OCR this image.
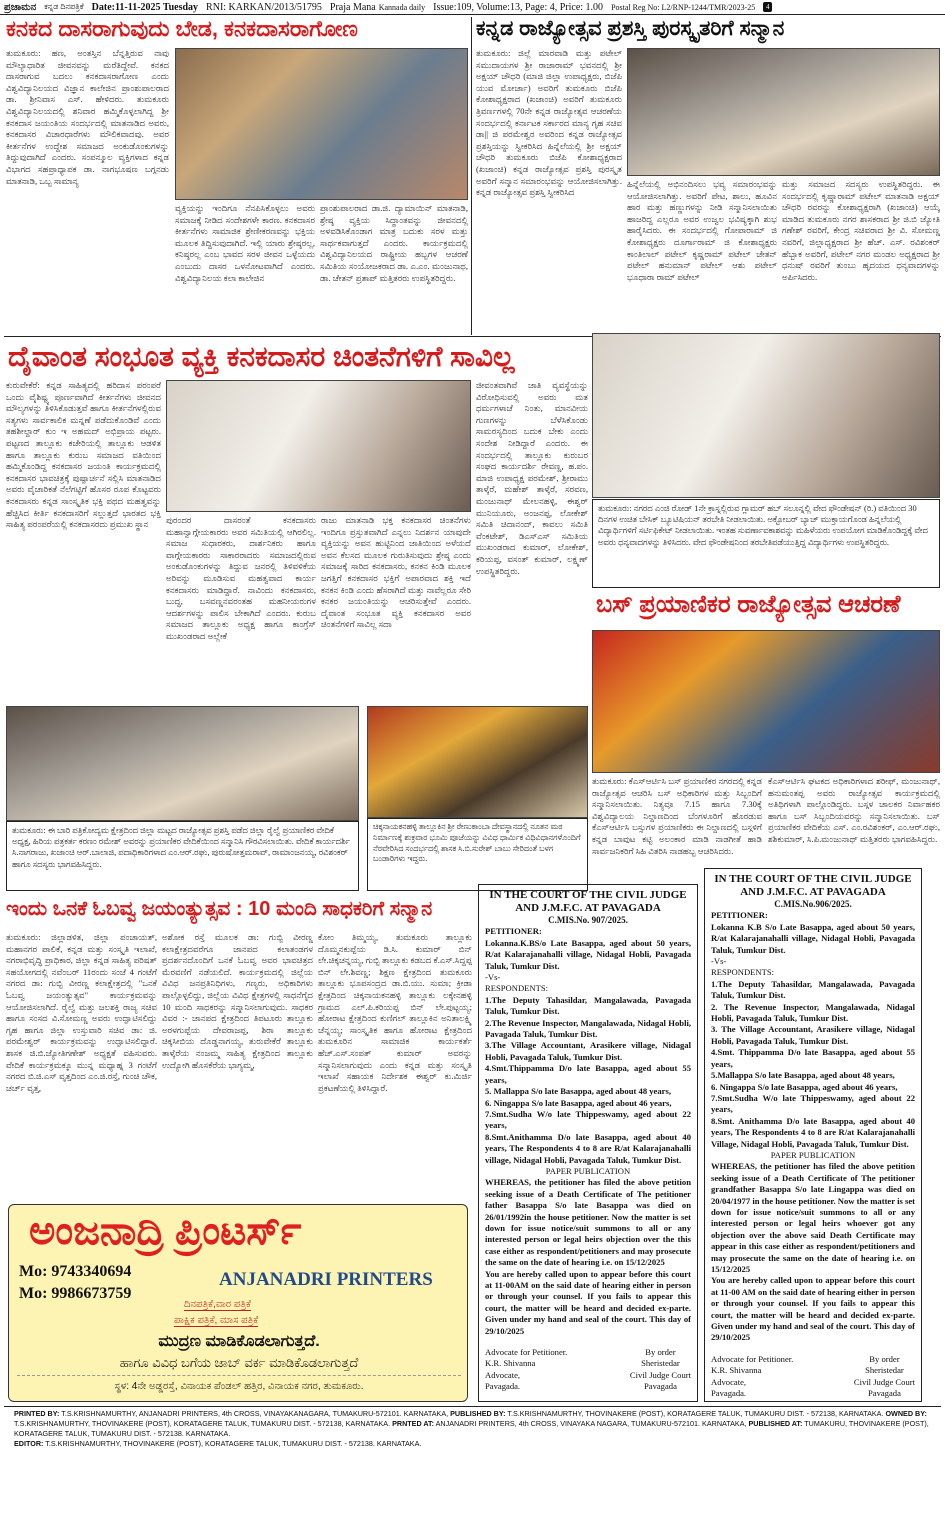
ಪ್ರಜಾಮನ ಕನ್ನಡ ದಿನಪತ್ರಿಕೆ Date:11-11-2025 Tuesday RNI: KARKAN/2013/51795 Praja Mana Kannada daily Issue:109, Volume:13, Page: 4, Price: 1.00 Postal Reg No: L2/RNP-1244/TMR/2023-25	4
ಕನಕದ ದಾಸರಾಗುವುದು ಬೇಡ, ಕನಕದಾಸರಾಗೋಣ
ತುಮಕೂರು: ಹಣ, ಅಂತಸ್ತಿನ ಬೆನ್ನತ್ತಿರುವ ನಾವು ಮೌಲ್ಯಾಧಾರಿತ ಜೀವನವನ್ನು ಮರೆತಿದ್ದೇವೆ. ಕನಕದ ದಾಸರಾಗುವ ಬದಲು ಕನಕದಾಸರಾಗೋಣ ಎಂದು ವಿಶ್ವವಿದ್ಯಾನಿಲಯದ ವಿಜ್ಞಾನ ಕಾಲೇಜಿನ ಪ್ರಾಂಶುಪಾಲರಾದ ಡಾ. ಶ್ರೀನಿವಾಸ ಎಸ್. ಹೇಳಿದರು. ತುಮಕೂರು ವಿಶ್ವವಿದ್ಯಾನಿಲಯದಲ್ಲಿ ಶನಿವಾರ ಹಮ್ಮಿಕೊಳ್ಳಲಾಗಿದ್ದ ಶ್ರೀ ಕನಕದಾಸ ಜಯಂತಿಯ ಸಂದರ್ಭದಲ್ಲಿ ಮಾತನಾಡಿದ ಅವರು, ಕನಕದಾಸರ ವಿಚಾರಧಾರೆಗಳು ಮೌಲಿಕವಾದವು. ಅವರ ಕೀರ್ತನೆಗಳ ಉದ್ದೇಶ ಸಮಾಜದ ಅಂಕುಡೊಂಕುಗಳನ್ನು ತಿದ್ದುವುದಾಗಿದೆ ಎಂದರು. ಸಂಪನ್ಮೂಲ ವ್ಯಕ್ತಿಗಳಾದ ಕನ್ನಡ ವಿಭಾಗದ ಸಹಪ್ರಾಧ್ಯಾಪಕ ಡಾ. ನಾಗಭೂಷಣ ಬಗ್ಗನಡು ಮಾತನಾಡಿ, ಒಬ್ಬ ಸಾಮಾನ್ಯ
ವ್ಯಕ್ತಿಯನ್ನು ಇಂದಿಗೂ ನೆನಪಿಸಿಕೊಳ್ಳಲು ಅವರು ಸಮಾಜಕ್ಕೆ ನೀಡಿದ ಸಂದೇಶಗಳೇ ಕಾರಣ. ಕನಕದಾಸರ ಕೀರ್ತನೆಗಳು ಸಾಮಾಜಿಕ ಶ್ರೇಣೀಕರಣವನ್ನು ಭಕ್ತಿಯ ಮೂಲಕ ತಿದ್ದಿಸುವುದಾಗಿದೆ. ಇಲ್ಲಿ ಯಾರು ಶ್ರೇಷ್ಠರಲ್ಲ, ಕನಿಷ್ಠರಲ್ಲ ಎಂಬ ಭಾವದ ಸರಳ ಜೀವನ ಒಳ್ಳೆಯದು ಎಂಬುದು ದಾಸರ ಒಳನೋಟವಾಗಿದೆ ಎಂದರು. ವಿಶ್ವವಿದ್ಯಾನಿಲಯ ಕಲಾ ಕಾಲೇಜಿನ
ಪ್ರಾಂಶುಪಾಲರಾದ ಡಾ.ಜಿ. ದ್ಯಾಮಾಯಿನ್ ಮಾತನಾಡಿ, ಶ್ರೇಷ್ಠ ವ್ಯಕ್ತಿಯ ಸಿದ್ಧಾಂತವನ್ನು ಜೀವನದಲ್ಲಿ ಅಳವಡಿಸಿಕೊಂಡಾಗ ಮಾತ್ರ ಬದುಕು ಸರಳ ಮತ್ತು ಸಾರ್ಥಕವಾಗುತ್ತದೆ ಎಂದರು. ಕಾರ್ಯಕ್ರಮದಲ್ಲಿ ವಿಶ್ವವಿದ್ಯಾನಿಲಯದ ರಾಷ್ಟ್ರೀಯ ಹಬ್ಬಗಳ ಆಚರಣೆ ಸಮಿತಿಯ ಸಂಯೋಜಕರಾದ ಡಾ. ಎ.ಎಂ. ಮಂಜುನಾಥ, ಡಾ. ಚೇತನ್ ಪ್ರತಾಪ್ ಮತ್ತಿತರರು ಉಪಸ್ಥಿತರಿದ್ದರು.
ಕನ್ನಡ ರಾಜ್ಯೋತ್ಸವ ಪ್ರಶಸ್ತಿ ಪುರಸ್ಕೃತರಿಗೆ ಸನ್ಮಾನ
ತುಮಕೂರು: ಜಿಲ್ಲೆ ಮಾರವಾಡಿ ಮತ್ತು ಪಟೇಲ್ ಸಮುದಾಯಗಳ ಶ್ರೀ ರಾಜಾರಾಮ್ ಭವನದಲ್ಲಿ ಶ್ರೀ ಅಕ್ಷಯ್ ಚೌಧರಿ (ಮಾಜಿ ಜಿಲ್ಲಾ ಉಪಾಧ್ಯಕ್ಷರು, ಬಿಜೆಪಿ ಯುವ ಮೋರ್ಚಾ) ಅವರಿಗೆ ತುಮಕೂರು ಬಿಜೆಪಿ ಕೋಶಾಧ್ಯಕ್ಷರಾದ (ಖಜಾಂಚಿ) ಅವರಿಗೆ ತುಮಕೂರು ತ್ರಿವರ್ಣಗಳಲ್ಲಿ 70ನೇ ಕನ್ನಡ ರಾಜ್ಯೋತ್ಸವ ಆಚರಣೆಯ ಸಂದರ್ಭದಲ್ಲಿ ಕರ್ನಾಟಕ ಸರ್ಕಾರದ ಮಾನ್ಯ ಗೃಹ ಸಚಿವ ಡಾ|| ಜಿ ಪರಮೇಶ್ವರ ಅವರಿಂದ ಕನ್ನಡ ರಾಜ್ಯೋತ್ಸವ ಪ್ರಶಸ್ತಿಯನ್ನು ಸ್ವೀಕರಿಸಿದ ಹಿನ್ನೆಲೆಯಲ್ಲಿ ಶ್ರೀ ಅಕ್ಷಯ್ ಚೌಧರಿ ತುಮಕೂರು ಬಿಜೆಪಿ ಕೋಶಾಧ್ಯಕ್ಷರಾದ (ಖಜಾಂಚಿ) ಕನ್ನಡ ರಾಜ್ಯೋತ್ಸವ ಪ್ರಶಸ್ತಿ ಪುರಸ್ಕೃತ ಅವರಿಗೆ ಸನ್ಮಾನ ಸಮಾರಂಭವನ್ನು ಆಯೋಜಿಸಲಾಗಿತ್ತು. ಕನ್ನಡ ರಾಜ್ಯೋತ್ಸವ ಪ್ರಶಸ್ತಿ ಸ್ವೀಕರಿಸಿದ
ಹಿನ್ನೆಲೆಯಲ್ಲಿ ಅಭಿನಂದಿಸಲು ಭವ್ಯ ಸಮಾರಂಭವನ್ನು ಆಯೋಜಿಸಲಾಗಿತ್ತು. ಅವರಿಗೆ ಪೇಟ, ಶಾಲು, ಹೂವಿನ ಹಾರ ಮತ್ತು ಹಣ್ಣುಗಳನ್ನು ನೀಡಿ ಸನ್ಮಾನಿಸಲಾಯಿತು ಹಾಜರಿದ್ದ ಎಲ್ಲರೂ ಅವರ ಉಜ್ವಲ ಭವಿಷ್ಯಕ್ಕಾಗಿ ಶುಭ ಹಾರೈಸಿದರು. ಈ ಸಂದರ್ಭದಲ್ಲಿ ಗೋಪಾರಾಮ್ ಜಿ ಕೋಶಾಧ್ಯಕ್ಷರು ದೂರ್ಗಾರಾಮ್ ಜಿ ಕೋಶಾಧ್ಯಕ್ಷರು ಕಾಂತಿಲಾಲ್ ಪಟೇಲ್ ಕೃಷ್ಣರಾಮ್ ಪಟೇಲ್ ಚೇತನ್ ಪಟೇಲ್ ಹನುಮಾನ್ ಪಟೇಲ್ ಆಶು ಪಟೇಲ್ ಭೂಧಾರಾ ರಾಮ್ ಪಟೇಲ್
ಮತ್ತು ಸಮಾಜದ ಸದಸ್ಯರು ಉಪಸ್ಥಿತರಿದ್ದರು. ಈ ಸಂದರ್ಭದಲ್ಲಿ ಕೃಷ್ಣಾರಾಮ್ ಪಟೇಲ್ ಮಾತನಾಡಿ ಅಕ್ಷಯ್ ಚೌಧರಿ ರವರನ್ನು ಕೋಶಾಧ್ಯಕ್ಷರಾಗಿ (ಖಜಾಂಚಿ) ಆಯ್ಕೆ ಮಾಡಿದ ತುಮಕೂರು ನಗರ ಶಾಸಕರಾದ ಶ್ರೀ ಜಿ.ಬಿ ಜ್ಯೋತಿ ಗಣೇಶ್ ರವರಿಗೆ, ಕೇಂದ್ರ ಸಚಿವರಾದ ಶ್ರೀ ವಿ. ಸೋಮಣ್ಣ ನವರಿಗೆ, ಜಿಲ್ಲಾಧ್ಯಕ್ಷರಾದ ಶ್ರೀ ಹೆಚ್. ಎಸ್. ರವಿಶಂಕರ್ ಹೆಬ್ಬಾಕ ಅವರಿಗೆ, ಪಟೇಲ್ ನಗರ ಮಂಡಲ ಅಧ್ಯಕ್ಷರಾದ ಶ್ರೀ ಧನುಷ್ ರವರಿಗೆ ತುಂಬು ಹೃದಯದ ಧನ್ಯವಾದಗಳನ್ನು ಅರ್ಪಿಸಿದರು.
ದೈವಾಂತ ಸಂಭೂತ ವ್ಯಕ್ತಿ ಕನಕದಾಸರ ಚಿಂತನೆಗಳಿಗೆ ಸಾವಿಲ್ಲ
ಕುರುವೇಕೆರೆ: ಕನ್ನಡ ಸಾಹಿತ್ಯದಲ್ಲಿ ಹರಿದಾಸ ಪರಂಪರೆ ಒಂದು ವೈಶಿಷ್ಟ್ಯ ಪೂರ್ಣವಾಗಿದೆ ಕೀರ್ತನೆಗಳು ಜೀವನದ ಮೌಲ್ಯಗಳನ್ನು ತಿಳಿಸಿಕೊಡುತ್ತವೆ ಹಾಗೂ ಕೀರ್ತನೆಗಳಲ್ಲಿರುವ ಸತ್ಯಗಳು ಸಾರ್ವಕಾಲಿಕ ಮನ್ನಣೆ ಪಡೆದುಕೊಂಡಿವೆ ಎಂದು ತಹಶೀಲ್ದಾರ್ ಕುಂ ಇ ಅಹಮದ್ ಅಭಿಪ್ರಾಯ ಪಟ್ಟರು. ಪಟ್ಟಣದ ತಾಲ್ಲೂಕು ಕಚೇರಿಯಲ್ಲಿ ತಾಲ್ಲೂಕು ಆಡಳಿತ ಹಾಗೂ ತಾಲ್ಲೂಕು ಕುರುಬ ಸಮಾಜದ ವತಿಯಿಂದ ಹಮ್ಮಿಕೊಂಡಿದ್ದ ಕನಕದಾಸರ ಜಯಂತಿ ಕಾರ್ಯಕ್ರಮದಲ್ಲಿ ಕನಕದಾಸರ ಭಾವಚಿತ್ರಕ್ಕೆ ಪುಷ್ಪಾರ್ಚನೆ ಸಲ್ಲಿಸಿ ಮಾತನಾಡಿದ ಅವರು ವೈಚಾರಿಕತೆ ನೆಲೆಗಟ್ಟಿಗೆ ಹೊಸರ ರೂಪ ಕೊಟ್ಟವರು ಕನಕದಾಸರು ಕನ್ನಡ ಸಾಂಸ್ಕೃತಿಕ ಭಕ್ತಿ ಪಥದ ಮಹತ್ವವನ್ನು ಹೆಚ್ಚಿಸಿದ ಕೀರ್ತಿ ಕನಕದಾಸರಿಗೆ ಸಲ್ಲುತ್ತದೆ ಭಾರತದ ಭಕ್ತಿ ಸಾಹಿತ್ಯ ಪರಂಪರೆಯಲ್ಲಿ ಕನಕದಾಸರದು ಪ್ರಮುಖ ಸ್ಥಾನ	ಪುರಂದರ ದಾಸರಂತೆ ಕನಕದಾಸರು ಮಹಾನ್ವಾಗ್ಗೇಯಕಾರರು ಅವರ ಸಮಿತಿಯಲ್ಲಿ ಆಗಿರಲಿಲ್ಲ. ಸಮಾಜ ಸುಧಾರಕರು, ದಾರ್ಶನಿಕರು ಹಾಗೂ ವಾಗ್ಗೇಯಕಾರರು ಸಾಕಾರರಾದರು ಸಮಾಜದಲ್ಲಿರುವ ಅಂಕುಡೊಂಕುಗಳನ್ನು ತಿದ್ದುವ ಜನರಲ್ಲಿ ತಿಳಿವಳಿಕೆಯ ಅರಿವನ್ನು ಮೂಡಿಸುವ ಮಹತ್ವವಾದ ಕಾರ್ಯ ಕನಕದಾಸರು ಮಾಡಿದ್ದಾರೆ. ನಾವಿಂದು ಕನಕದಾಸರು, ಬುದ್ಧ, ಬಸವಣ್ಣನವರಂತಹ ಮಹನೀಯರುಗಳ ಆದರ್ಶಗಳನ್ನು ಪಾಲಿಸ ಬೇಕಾಗಿದೆ ಎಂದರು. ಕುರುಬ ಸಮಾಜದ ತಾಲ್ಲೂಕು ಅಧ್ಯಕ್ಷ ಹಾಗೂ ಕಾಂಗ್ರೆಸ್ ಮುಖಂಡರಾದ ಅಲ್ಲೇಕೆ
ರಾಜು ಮಾತನಾಡಿ ಭಕ್ತ ಕನಕದಾಸರ ಚಿಂತನೆಗಳು ಇಂದಿಗೂ ಪ್ರಸ್ತುತವಾಗಿದೆ ಎನ್ನಲು ನಿದರ್ಶನ ಯಾವುದೇ ವ್ಯಕ್ತಿಯನ್ನು ಅವನ ಹುಟ್ಟಿನಿಂದ ಜಾತಿಯಿಂದ ಅಳೆಯದೆ ಅವನ ಕೆಲಸದ ಮೂಲಕ ಗುರುತಿಸುವುದು ಶ್ರೇಷ್ಠ ಎಂದು ಸಮಾಜಕ್ಕೆ ಸಾರಿದ ಕನಕದಾಸರು, ಕನಕನ ಕಿಂಡಿ ಮೂಲಕ ಜಗತ್ತಿಗೆ ಕನಕದಾಸರ ಭಕ್ತಿಗೆ ಅಪಾರವಾದ ಶಕ್ತಿ ಇದೆ ಕನಕನ ಕಿಂಡಿ ಎಂದು ಹೆಸರಾಗಿದೆ ಮತ್ತು ನಾವೆಲ್ಲರೂ ಸೇರಿ ಕನಕರ ಜಯಂತಿಯನ್ನು ಆಚರಿಸುತ್ತೇವೆ ಎಂದರು. ದೈವಾಂತ ಸಂಭೂತ ವ್ಯಕ್ತಿ ಕನಕದಾಸರ ಅವರ ಚಿಂತನೆಗಳಿಗೆ ಸಾವಿಲ್ಲ ಸದಾ
ಜೀವಂತವಾಗಿವೆ ಜಾತಿ ವ್ಯವಸ್ಥೆಯನ್ನು ವಿರೋಧಿಸುವಲ್ಲಿ ಅವರು ಮತ ಧರ್ಮಗಳಾಚೆ ನಿಂತು, ಮಾನವೀಯ ಗುಣಗಳನ್ನು ಬೆಳೆಸಿಕೊಂಡು ಸಾಮರಸ್ಯದಿಂದ ಬದುಕ ಬೇಕು ಎಂದು ಸಂದೇಶ ನೀಡಿದ್ದಾರೆ ಎಂದರು. ಈ ಸಂದರ್ಭದಲ್ಲಿ ತಾಲ್ಲೂಕು ಕುರುಬರ ಸಂಘದ ಕಾರ್ಯದರ್ಶಿ ರೇವಣ್ಣ, ಹ.ಪಂ. ಮಾಜಿ ಉಪಾಧ್ಯಕ್ಷ ಪರಮೇಶ್, ಶ್ರೀರಾಮು ತಾಳ್ಕೆರೆ, ಮಹೇಶ್ ತಾಳ್ಕೆರೆ, ಸರವಣ, ಮಂಜುನಾಥ್ ಮೇಲನಹಳ್ಳಿ, ಈಶ್ವರ್ ಮುನಿಯೂರು, ಅಂಜನಪ್ಪ, ಲೋಕೇಶ್ ಸಮಿತಿ ಚಿದಾನಂದ್, ಕಾವಲು ಸಮಿತಿ ವೆಂಕಟೇಶ್, ಡಿಎಸ್ಎಸ್ ಸಮಿತಿಯ ಮುಖಂಡರಾದ ಕುಮಾರ್, ಲೋಕೇಶ್, ಕರಿಯಪ್ಪ, ವಸಂತ್ ಕುಮಾರ್, ಲಕ್ಷ್ಮಣ್ ಉಪಸ್ಥಿತರಿದ್ದರು.
ತುಮಕೂರು: ನಗರದ ಎಂಜಿ ರೋಡ್ 1ನೇ ಕ್ರಾಸ್ನಲ್ಲಿರುವ ಗ್ಲಾಮರ್ ಹಬ್ ಸಲೂನ್ನಲ್ಲಿ ವೇದ ಫೌಂಡೇಷನ್ (ರಿ.) ವತಿಯಿಂದ 30 ದಿನಗಳ ಉಚಿತ ಬೇಸಿಕ್ ಬ್ಯೂಟಿಷಿಯನ್ ತರಬೇತಿ ನೀಡಲಾಯಿತು. ಅಕ್ಟೋಬರ್ ಬ್ಯಾಚ್ ಮುಕ್ತಾಯಗೊಂಡ ಹಿನ್ನಲೆಯಲ್ಲಿ ವಿದ್ಯಾರ್ಥಿಗಳಿಗೆ ಸರ್ಟಿಫಿಕೇಟ್ ನೀಡಲಾಯಿತು. ಇಂತಹ ಸುವರ್ಣಾವಕಾಶವನ್ನು ಮಹಿಳೆಯರು ಉಪಯೋಗ ಮಾಡಿಕೊಂಡಿದ್ದಕ್ಕೆ ವೇದ ಅವರು ಧನ್ಯವಾದಗಳನ್ನು ತಿಳಿಸಿದರು. ವೇದ ಫೌಂಡೇಷನಿಂದ ತರಬೇತಿಪಡೆಯುತ್ತಿದ್ದ ವಿದ್ಯಾರ್ಥಿಗಳು ಉಪಸ್ಥಿತರಿದ್ದರು.
ಬಸ್ ಪ್ರಯಾಣಿಕರ ರಾಜ್ಯೋತ್ಸವ ಆಚರಣೆ
ತುಮಕೂರು: ಕೆಎಸ್ಆರ್ಟಿಸಿ ಬಸ್ ಪ್ರಯಾಣಿಕರ ನಗರದಲ್ಲಿ ಕನ್ನಡ ರಾಜ್ಯೋತ್ಸವ ಆಚರಿಸಿ ಬಸ್ ಅಧಿಕಾರಿಗಳ ಮತ್ತು ಸಿಬ್ಬಂದಿಗೆ ಸನ್ಮಾನಿಸಲಾಯಿತು. ನಿತ್ಯವೂ 7.15 ಹಾಗೂ 7.30ಕ್ಕೆ ವಿಶ್ವವಿದ್ಯಾಲಯ ನಿಲ್ದಾಣದಿಂದ ಬೆಂಗಳೂರಿಗೆ ಹೊರಡುವ ಕೆಎಸ್ಆರ್ಟಿಸಿ ಬಸ್ಸುಗಳ ಪ್ರಯಾಣಿಕರು ಈ ನಿಲ್ದಾಣದಲ್ಲಿ ಬಸ್ಗಳಿಗೆ ಕನ್ನಡ ಬಾವುಟ ಕಟ್ಟಿ ಅಲಂಕಾರ ಮಾಡಿ ನಾಡಗೀತೆ ಹಾಡಿ ಸಾರ್ವಜನಿಕರಿಗೆ ಸಿಹಿ ವಿತರಿಸಿ ನಾಡಹಬ್ಬ ಆಚರಿಸಿದರು.
ಕೆಎಸ್ಆರ್ಟಿಸಿ ಘಟಕದ ಅಧಿಕಾರಿಗಳಾದ ಶರೀಫ್, ಮಂಜುನಾಥ್, ಹನುಮಂತಪ್ಪ ಅವರು ರಾಜ್ಯೋತ್ಸವ ಕಾರ್ಯಕ್ರಮದಲ್ಲಿ ಅತಿಥಿಗಳಾಗಿ ಪಾಲ್ಗೊಂಡಿದ್ದರು. ಬಸ್ಗಳ ಚಾಲಕರ ನಿರ್ವಾಹಕರ ಹಾಗೂ ಬಸ್ ಸಿಬ್ಬಂದಿಯವರನ್ನು ಸನ್ಮಾನಿಸಲಾಯಿತು. ಬಸ್ ಪ್ರಯಾಣಿಕರ ವೇದಿಕೆಯ ಎಸ್. ಎಂ.ರವಿಶಂಕರ್, ಎಂ.ಆರ್.ರಘು, ಶಶಿಕುಮಾರ್, ಸಿ.ಪಿ.ಮಂಜುನಾಥ್ ಮತ್ತಿತರರು ಭಾಗವಹಿಸಿದ್ದರು.
ತುಮಕೂರು: ಈ ಬಾರಿ ಪತ್ರಿಕೋದ್ಯಮ ಕ್ಷೇತ್ರದಿಂದ ಜಿಲ್ಲಾ ಮಟ್ಟದ ರಾಜ್ಯೋತ್ಸವ ಪ್ರಶಸ್ತಿ ಪಡೆದ ಜಿಲ್ಲಾ ರೈಲ್ವೆ ಪ್ರಯಾಣಿಕರ ವೇದಿಕೆ ಅಧ್ಯಕ್ಷ, ಹಿರಿಯ ಪತ್ರಕರ್ತ ಕರಣಂ ರಮೇಶ್ ಅವರನ್ನು ಪ್ರಯಾಣಿಕರ ವೇದಿಕೆಯಿಂದ ಸನ್ಮಾನಿಸಿ ಗೌರವಿಸಲಾಯಿತು. ವೇದಿಕೆ ಕಾರ್ಯದರ್ಶಿ ಸಿ.ನಾಗರಾಜು, ಖಜಾಂಚಿ ಆರ್.ಬಾಲಾಜಿ, ಪದಾಧಿಕಾರಿಗಳಾದ ಎಂ.ಆರ್.ರಘು, ಪುರುಷೋತ್ತಮರಾವ್, ರಾಮಾಂಜನಯ್ಯ, ರವಿಶಂಕರ್ ಹಾಗೂ ಸದಸ್ಯರು ಭಾಗವಹಿಸಿದ್ದರು.
ಚಿಕ್ಕನಾಯಕನಹಳ್ಳಿ ತಾಲ್ಲೂಕಿನ ಶ್ರೀ ರೇಣುಕಾಂಬಾ ದೇವಸ್ಥಾನದಲ್ಲಿ ನೂತನ ಮಠ ನಿರ್ಮಾಣಕ್ಕೆ ಶುಕ್ರವಾರ ಭೂಮಿ ಪೂಜೆಯನ್ನು ವಿವಿಧ ಧಾರ್ಮಿಕ ವಿಧಿವಿಧಾನಗಳೊಂದಿಗೆ ನೆರವೇರಿಸಿದ ಸಂದರ್ಭದಲ್ಲಿ ಶಾಸಕ ಸಿ.ಬಿ.ಸುರೇಶ್ ಬಾಬು ಸೇರಿದಂತೆ ಬಳಗ ಬಂಡಾರಿಗಳು ಇದ್ದರು.
ಇಂದು ಒನಕೆ ಓಬವ್ವ ಜಯಂತ್ಯುತ್ಸವ : 10 ಮಂದಿ ಸಾಧಕರಿಗೆ ಸನ್ಮಾನ
ತುಮಕೂರು: ಜಿಲ್ಲಾಡಳಿತ, ಜಿಲ್ಲಾ ಪಂಚಾಯತ್, ಮಹಾನಗರ ಪಾಲಿಕೆ, ಕನ್ನಡ ಮತ್ತು ಸಂಸ್ಕೃತಿ ಇಲಾಖೆ, ನಗರಾಭಿವೃದ್ಧಿ ಪ್ರಾಧಿಕಾರ, ಜಿಲ್ಲಾ ಕನ್ನಡ ಸಾಹಿತ್ಯ ಪರಿಷತ್ ಸಹಯೋಗದಲ್ಲಿ ನವೆಂಬರ್ 11ರಂದು ಸಂಜೆ 4 ಗಂಟೆಗೆ ನಗರದ ಡಾ: ಗುಬ್ಬಿ ವೀರಣ್ಣ ಕಲಾಕ್ಷೇತ್ರದಲ್ಲಿ "ಒನಕೆ ಓಬವ್ವ ಜಯಂತ್ಯುತ್ಸವ" ಕಾರ್ಯಕ್ರಮವನ್ನು ಆಯೋಜಿಸಲಾಗಿದೆ. ರೈಲ್ವೆ ಮತ್ತು ಜಲಶಕ್ತಿ ರಾಜ್ಯ ಸಚಿವ ಹಾಗೂ ಸಂಸದ ವಿ.ಸೋಮಣ್ಣ ಅವರು ಉದ್ಘಾಟಿಸಲಿದ್ದು ಗೃಹ ಹಾಗೂ ಜಿಲ್ಲಾ ಉಸ್ತುವಾರಿ ಸಚಿವ ಡಾ: ಜಿ. ಪರಮೇಶ್ವರ್ ಕಾರ್ಯಕ್ರಮವನ್ನು ಉದ್ಘಾಟಿಸಲಿದ್ದಾರೆ. ಶಾಸಕ ಜಿ.ಬಿ.ಜ್ಯೋತಿಗಣೇಶ್ ಅಧ್ಯಕ್ಷತೆ ವಹಿಸುವರು. ವೇದಿಕೆ ಕಾರ್ಯಕ್ರಮಕ್ಕೂ ಮುನ್ನ ಮಧ್ಯಾಹ್ನ 3 ಗಂಟೆಗೆ ನಗರದ ಬಿ.ಜಿ.ಎಸ್ ವೃತ್ತದಿಂದ ಎಂ.ಜಿ.ರಸ್ತೆ, ಗುಂಚಿ ಚೌಕ, ಚರ್ಚ್ ವೃತ್ತ,
ಅಶೋಕ ರಸ್ತೆ ಮೂಲಕ ಡಾ: ಗುಬ್ಬಿ ವೀರಣ್ಣ ಕಲಾಕ್ಷೇತ್ರದವರೆಗೂ ಜಾನಪದ ಕಲಾತಂಡಗಳ ಪ್ರದರ್ಶನದೊಂದಿಗೆ ಒನಕೆ ಓಬವ್ವ ಅವರ ಭಾವಚಿತ್ರದ ಮೆರವಣಿಗೆ ನಡೆಯಲಿದೆ. ಕಾರ್ಯಕ್ರಮದಲ್ಲಿ ಜಿಲ್ಲೆಯ ವಿವಿಧ ಜನಪ್ರತಿನಿಧಿಗಳು, ಗಣ್ಯರು, ಅಧಿಕಾರಿಗಳು ಪಾಲ್ಗೊಳ್ಳಲಿದ್ದು, ಜಿಲ್ಲೆಯ ವಿವಿಧ ಕ್ಷೇತ್ರಗಳಲ್ಲಿ ಸಾಧನೆಗೈದ 10 ಮಂದಿ ಸಾಧಕರನ್ನು ಸನ್ಮಾನಿಸಲಾಗುವುದು. ಸಾಧಕರ ವಿವರ :- ಜಾನಪದ ಕ್ಷೇತ್ರದಿಂದ ತಿಪಟೂರು ತಾಲ್ಲೂಕು ಅರಳಗುಪ್ಪೆಯ ದೇವರಾಜಪ್ಪ, ಶಿರಾ ತಾಲ್ಲೂಕು ಚಿಕ್ಕಸೀಬಿಯ ದೊಡ್ಡನಾಗಯ್ಯ, ತುರುವೇಕೆರೆ ತಾಲ್ಲೂಕು ತಾಳ್ಕೆರೆಯ ನಂಜಮ್ಮ ಸಾಹಿತ್ಯ ಕ್ಷೇತ್ರದಿಂದ ತಾಲ್ಲೂಕು ಉದ್ಯೋಗಿ ಹೊಸಕೆರೆಯ ಭಾಗ್ಯಮ್ಮ,
ಕೋಂ ತಿಮ್ಮಯ್ಯ, ತುಮಕೂರು ತಾಲ್ಲೂಕು ದೊಮ್ಮನಕುಪ್ಪೆಯ ಡಿ.ಸಿ. ಕುಮಾರ್ ಬಿನ್ ಲೇ.ಚಿಕ್ಕಚನ್ನಯ್ಯ, ಗುಬ್ಬಿ ತಾಲ್ಲೂಕು ಕಡಬದ ಕೆ.ಎಸ್.ಸಿದ್ದಪ್ಪ ಬಿನ್ ಲೇ.ಶಿವಣ್ಣ; ಶಿಕ್ಷಣ ಕ್ಷೇತ್ರದಿಂದ ತುಮಕೂರು ತಾಲ್ಲೂಕು ಭೂಪಸಂದ್ರದ ಡಾ.ಬಿ.ಯು. ಸುಮಾ; ಕ್ರೀಡಾ ಕ್ಷೇತ್ರದಿಂದ ಚಿಕ್ಕನಾಯಕನಹಳ್ಳಿ ತಾಲ್ಲೂಕು ಲಕ್ಕೇನಹಳ್ಳಿ ಗ್ರಾಮದ ಎಲ್.ಪಿ.ಕರಿಯಪ್ಪ ಬಿನ್ ಲೇ.ಪುಟ್ಟಯ್ಯ; ಹೋರಾಟ ಕ್ಷೇತ್ರದಿಂದ ಕುಣಿಗಲ್ ತಾಲ್ಲೂಕಿನ ಅನಿತಾಲಕ್ಷ್ಮಿ ಚೆನ್ನಯ್ಯ; ಸಾಂಸ್ಕೃತಿಕ ಹಾಗೂ ಹೋರಾಟ ಕ್ಷೇತ್ರದಿಂದ ತುಮಕೂರಿನ ಸಾಮಾಜಿಕ ಕಾರ್ಯಕರ್ತೆ ಹೆಚ್.ಎಸ್.ಸಂಪತ್ ಕುಮಾರ್ ಅವರನ್ನು ಸನ್ಮಾನಿಸಲಾಗುವುದು ಎಂದು ಕನ್ನಡ ಮತ್ತು ಸಂಸ್ಕೃತಿ ಇಲಾಖೆ ಸಹಾಯಕ ನಿರ್ದೇಶಕ ಈಶ್ವರ್ ಕು.ಮಿರ್ಜಿ ಪ್ರಕಟಣೆಯಲ್ಲಿ ತಿಳಿಸಿದ್ದಾರೆ.
IN THE COURT OF THE CIVIL JUDGE AND J.M.F.C. AT PAVAGADA
C.MIS.No. 907/2025.
PETITIONER:
Lokanna.K.BS/o Late Basappa, aged about 50 years, R/at Kalarajanahalli village, Nidagal Hobli, Pavagada Taluk, Tumkur Dist.
-Vs-
RESPONDENTS:
1.The Deputy Tahasildar, Mangalawada, Pavagada Taluk, Tumkur Dist.
2.The Revenue Inspector, Mangalawada, Nidagal Hobli, Pavagada Taluk, Tumkur Dist.
3.The Village Accountant, Arasikere village, Nidagal Hobli, Pavagada Taluk, Tumkur Dist.
4.Smt.Thippamma D/o late Basappa, aged about 55 years,
5. Mallappa S/o late Basappa, aged about 48 years,
6. Ningappa S/o late Basappa, aged about 46 years,
7.Smt.Sudha W/o late Thippeswamy, aged about 22 years,
8.Smt.Anithamma D/o late Basappa, aged about 40 years, The Respondents 4 to 8 are R/at Kalarajanahalli village, Nidagal Hobli, Pavagada Taluk, Tumkur Dist.
PAPER PUBLICATION
WHEREAS, the petitioner has filed the above petition seeking issue of a Death Certificate of The petitioner father Basappa S/o late Basappa was died on 26/01/1992in the house petitioner. Now the matter is set down for issue notice/suit summons to all or any interested person or legal heirs objection over the this case either as respondent/petitioners and may prosecute the same on the date of hearing i.e. on 15/12/2025
You are hereby called upon to appear before this court at 11-00AM on the said date of hearing either in person or through your counsel. If you fails to appear this court, the matter will be heard and decided ex-parte. Given under my hand and seal of the court. This day of 29/10/2025
Advocate for Petitioner.
K.R. Shivanna
Advocate,
Pavagada.
By order
Sheristedar
Civil Judge Court
Pavagada
IN THE COURT OF THE CIVIL JUDGE AND J.M.F.C. AT PAVAGADA
C.MIS.No.906/2025.
PETITIONER:
Lokanna K.B S/o Late Basappa, aged about 50 years, R/at Kalarajanahalli village, Nidagal Hobli, Pavagada Taluk, Tumkur Dist.
-Vs-
RESPONDENTS:
1.The Deputy Tahasildar, Mangalawada, Pavagada Taluk, Tumkur Dist.
2. The Revenue Inspector, Mangalawada, Nidagal Hobli, Pavagada Taluk, Tumkur Dist.
3. The Village Accountant, Arasikere village, Nidagal Hobli, Pavagada Taluk, Tumkur Dist.
4.Smt. Thippamma D/o late Basappa, aged about 55 years,
5.Mallappa S/o late Basappa, aged about 48 years,
6. Ningappa S/o late Basappa, aged about 46 years,
7.Smt.Sudha W/o late Thippeswamy, aged about 22 years,
8.Smt. Anithamma D/o late Basappa, aged about 40 years, The Respondents 4 to 8 are R/at Kalarajanahalli Village, Nidagal Hobli, Pavagada Taluk, Tumkur Dist.
PAPER PUBLICATION
WHEREAS, the petitioner has filed the above petition seeking issue of a Death Certificate of The petitioner grandfather Basappa S/o late Lingappa was died on 20/04/1977 in the house petitioner. Now the matter is set down for issue notice/suit summons to all or any interested person or legal heirs whoever got any objection over the above said Death Certificate may appear in this case either as respondent/petitioners and may prosecute the same on the date of hearing i.e. on 15/12/2025
You are hereby called upon to appear before this court at 11-00 AM on the said date of hearing either in person or through your counsel. If you fails to appear this court, the matter will be heard and decided ex-parte. Given under my hand and seal of the court. This day of 29/10/2025
Advocate for Petitioner.
K.R. Shivanna
Advocate,
Pavagada.
By order
Sheristedar
Civil Judge Court
Pavagada
ಅಂಜನಾದ್ರಿ ಪ್ರಿಂಟರ್ಸ್
Mo: 9743340694
Mo: 9986673759
ANJANADRI PRINTERS
ದಿನಪತ್ರಿಕೆ,ವಾರ ಪತ್ರಿಕೆ
ಪಾಕ್ಷಿಕ ಪತ್ರಿಕೆ, ಮಾಸ ಪತ್ರಿಕೆ
ಮುದ್ರಣ ಮಾಡಿಕೊಡಲಾಗುತ್ತದೆ.
ಹಾಗೂ ವಿವಿಧ ಬಗೆಯ ಜಾಬ್ ವರ್ಕ ಮಾಡಿಕೊಡಲಾಗುತ್ತದೆ
ಸ್ಥಳ: 4ನೇ ಅಡ್ಡರಸ್ತೆ, ವಿನಾಯಕ ಪೆಂಡಲ್ ಹತ್ತಿರ, ವಿನಾಯಕ ನಗರ, ತುಮಕೂರು.
PRINTED BY: T.S.KRISHNAMURTHY, ANJANADRI PRINTERS, 4th CROSS, VINAYAKANAGARA, TUMAKURU-572101. KARNATAKA, PUBLISHED BY: T.S.KRISHNAMURTHY, THOVINAKERE (POST), KORATAGERE TALUK, TUMAKURU DIST. - 572138, KARNATAKA. OWNED BY: T.S.KRISHNAMURTHY, THOVINAKERE (POST), KORATAGERE TALUK, TUMAKURU DIST. - 572138, KARNATAKA. PRNTED AT: ANJANADRI PRINTERS, 4th CROSS, VINAYAKA NAGARA, TUMAKURU-572101. KARNATAKA, PUBLISHED AT: TUMAKURU, THOVINAKERE (POST), KORATAGERE TALUK, TUMAKURU DIST. - 572138. KARNATAKA.
EDITOR: T.S.KRISHNAMURTHY, THOVINAKERE (POST), KORATAGERE TALUK, TUMAKURU DIST. - 572138. KARNATAKA.
